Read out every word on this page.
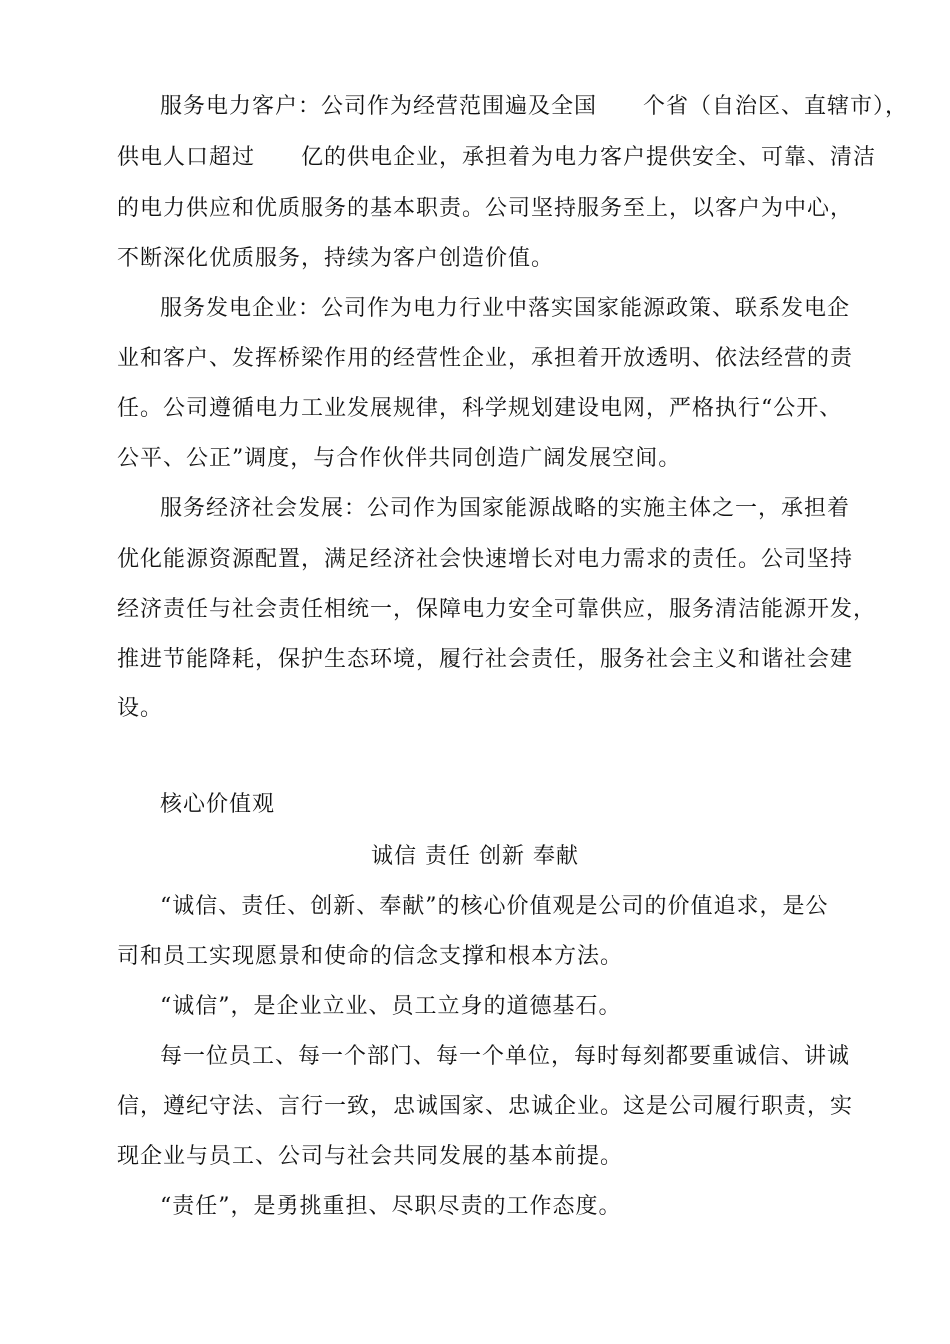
服务电力客户：公司作为经营范围遍及全国　　个省（自治区、直辖市），
供电人口超过　　亿的供电企业，承担着为电力客户提供安全、可靠、清洁
的电力供应和优质服务的基本职责。公司坚持服务至上，以客户为中心，
不断深化优质服务，持续为客户创造价值。
服务发电企业：公司作为电力行业中落实国家能源政策、联系发电企
业和客户、发挥桥梁作用的经营性企业，承担着开放透明、依法经营的责
任。公司遵循电力工业发展规律，科学规划建设电网，严格执行“公开、
公平、公正”调度，与合作伙伴共同创造广阔发展空间。
服务经济社会发展：公司作为国家能源战略的实施主体之一，承担着
优化能源资源配置，满足经济社会快速增长对电力需求的责任。公司坚持
经济责任与社会责任相统一，保障电力安全可靠供应，服务清洁能源开发，
推进节能降耗，保护生态环境，履行社会责任，服务社会主义和谐社会建
设。
核心价值观
诚信 责任 创新 奉献
“诚信、责任、创新、奉献”的核心价值观是公司的价值追求，是公
司和员工实现愿景和使命的信念支撑和根本方法。
“诚信”，是企业立业、员工立身的道德基石。
每一位员工、每一个部门、每一个单位，每时每刻都要重诚信、讲诚
信，遵纪守法、言行一致，忠诚国家、忠诚企业。这是公司履行职责，实
现企业与员工、公司与社会共同发展的基本前提。
“责任”，是勇挑重担、尽职尽责的工作态度。
